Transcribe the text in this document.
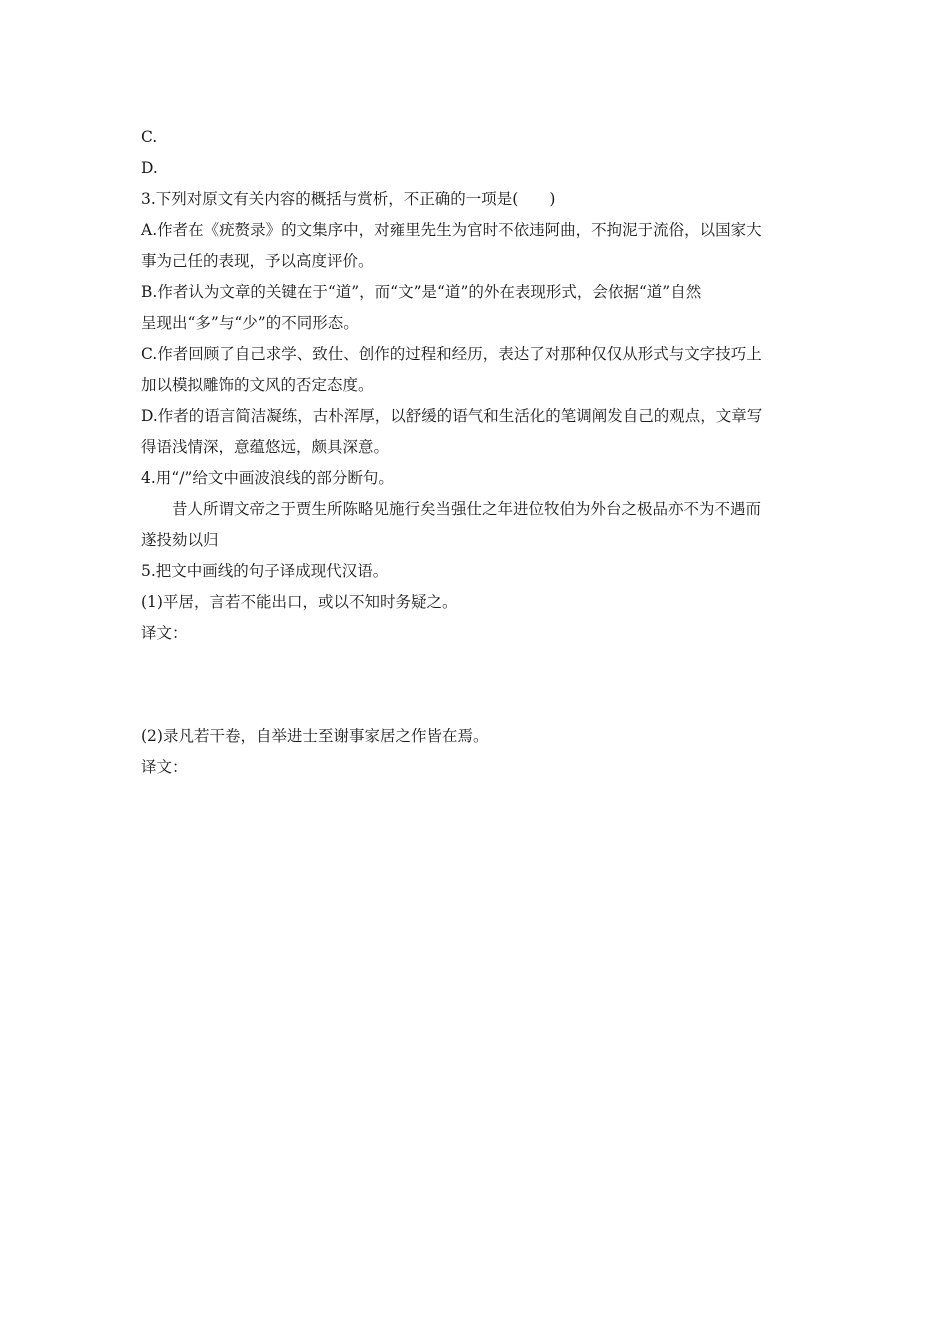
C.

D.

3.下列对原文有关内容的概括与赏析，不正确的一项是(　　)

A.作者在《疣赘录》的文集序中，对雍里先生为官时不依违阿曲，不拘泥于流俗，以国家大

事为己任的表现，予以高度评价。

B.作者认为文章的关键在于“道”，而“文”是“道”的外在表现形式，会依据“道”自然

呈现出“多”与“少”的不同形态。

C.作者回顾了自己求学、致仕、创作的过程和经历，表达了对那种仅仅从形式与文字技巧上

加以模拟雕饰的文风的否定态度。

D.作者的语言简洁凝练，古朴浑厚，以舒缓的语气和生活化的笔调阐发自己的观点，文章写

得语浅情深，意蕴悠远，颇具深意。

4.用“/”给文中画波浪线的部分断句。

昔人所谓文帝之于贾生所陈略见施行矣当强仕之年进位牧伯为外台之极品亦不为不遇而

遂投劾以归

5.把文中画线的句子译成现代汉语。

(1)平居，言若不能出口，或以不知时务疑之。

译文：

(2)录凡若干卷，自举进士至谢事家居之作皆在焉。

译文：
